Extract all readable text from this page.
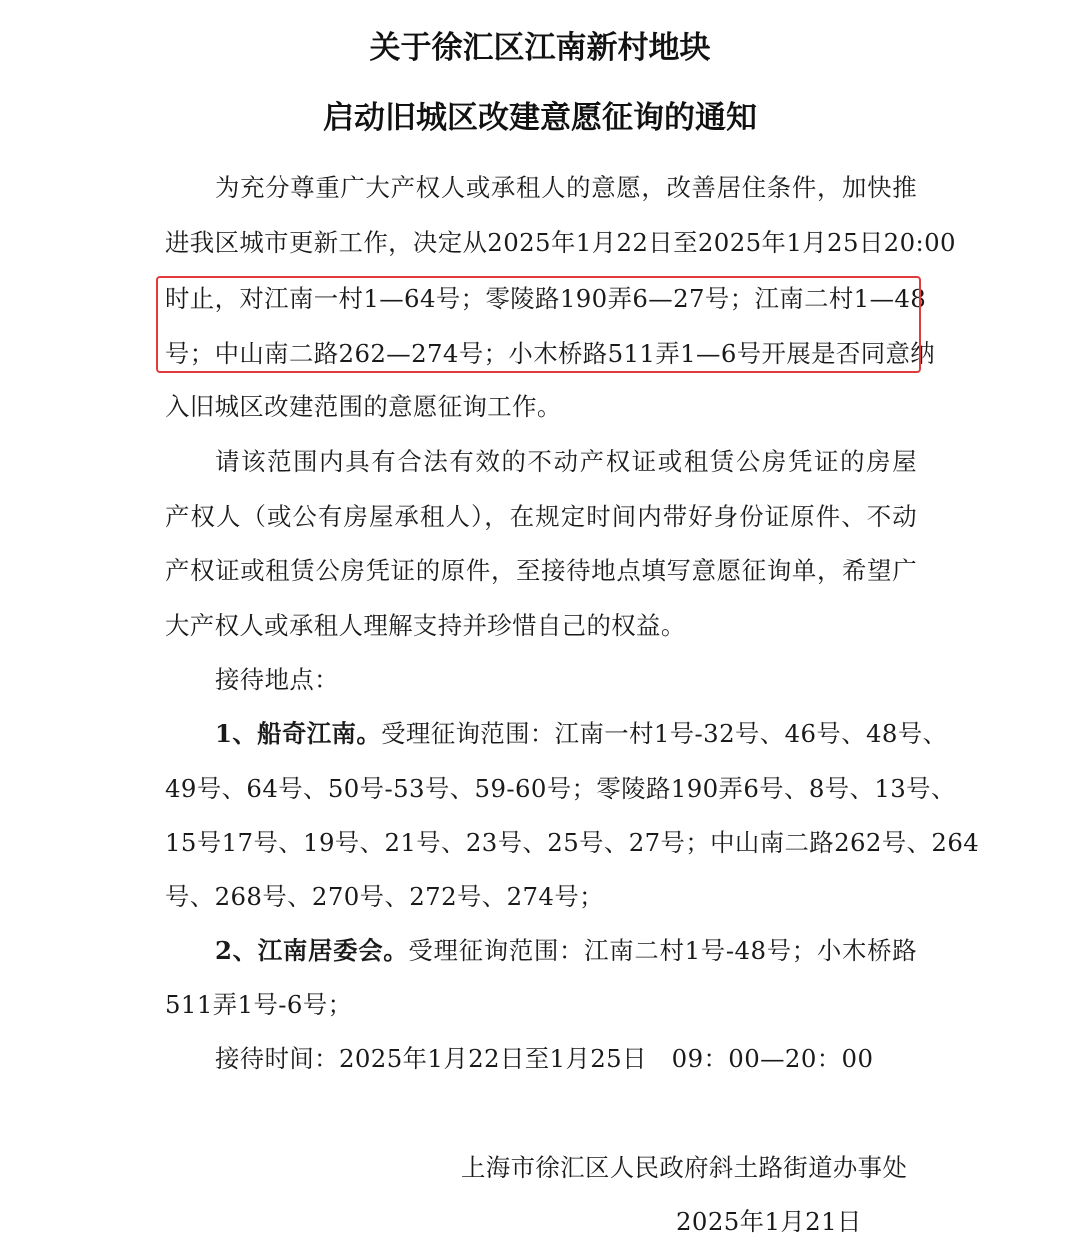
关于徐汇区江南新村地块
启动旧城区改建意愿征询的通知
为充分尊重广大产权人或承租人的意愿，改善居住条件，加快推
进我区城市更新工作，决定从2025年1月22日至2025年1月25日20:00
时止，对江南一村1—64号；零陵路190弄6—27号；江南二村1—48
号；中山南二路262—274号；小木桥路511弄1—6号开展是否同意纳
入旧城区改建范围的意愿征询工作。
请该范围内具有合法有效的不动产权证或租赁公房凭证的房屋
产权人（或公有房屋承租人），在规定时间内带好身份证原件、不动
产权证或租赁公房凭证的原件，至接待地点填写意愿征询单，希望广
大产权人或承租人理解支持并珍惜自己的权益。
接待地点：
1、船奇江南。受理征询范围：江南一村1号-32号、46号、48号、
49号、64号、50号-53号、59-60号；零陵路190弄6号、8号、13号、
15号17号、19号、21号、23号、25号、27号；中山南二路262号、264
号、268号、270号、272号、274号；
2、江南居委会。受理征询范围：江南二村1号-48号；小木桥路
511弄1号-6号；
接待时间：2025年1月22日至1月25日　09：00—20：00
上海市徐汇区人民政府斜土路街道办事处
2025年1月21日
